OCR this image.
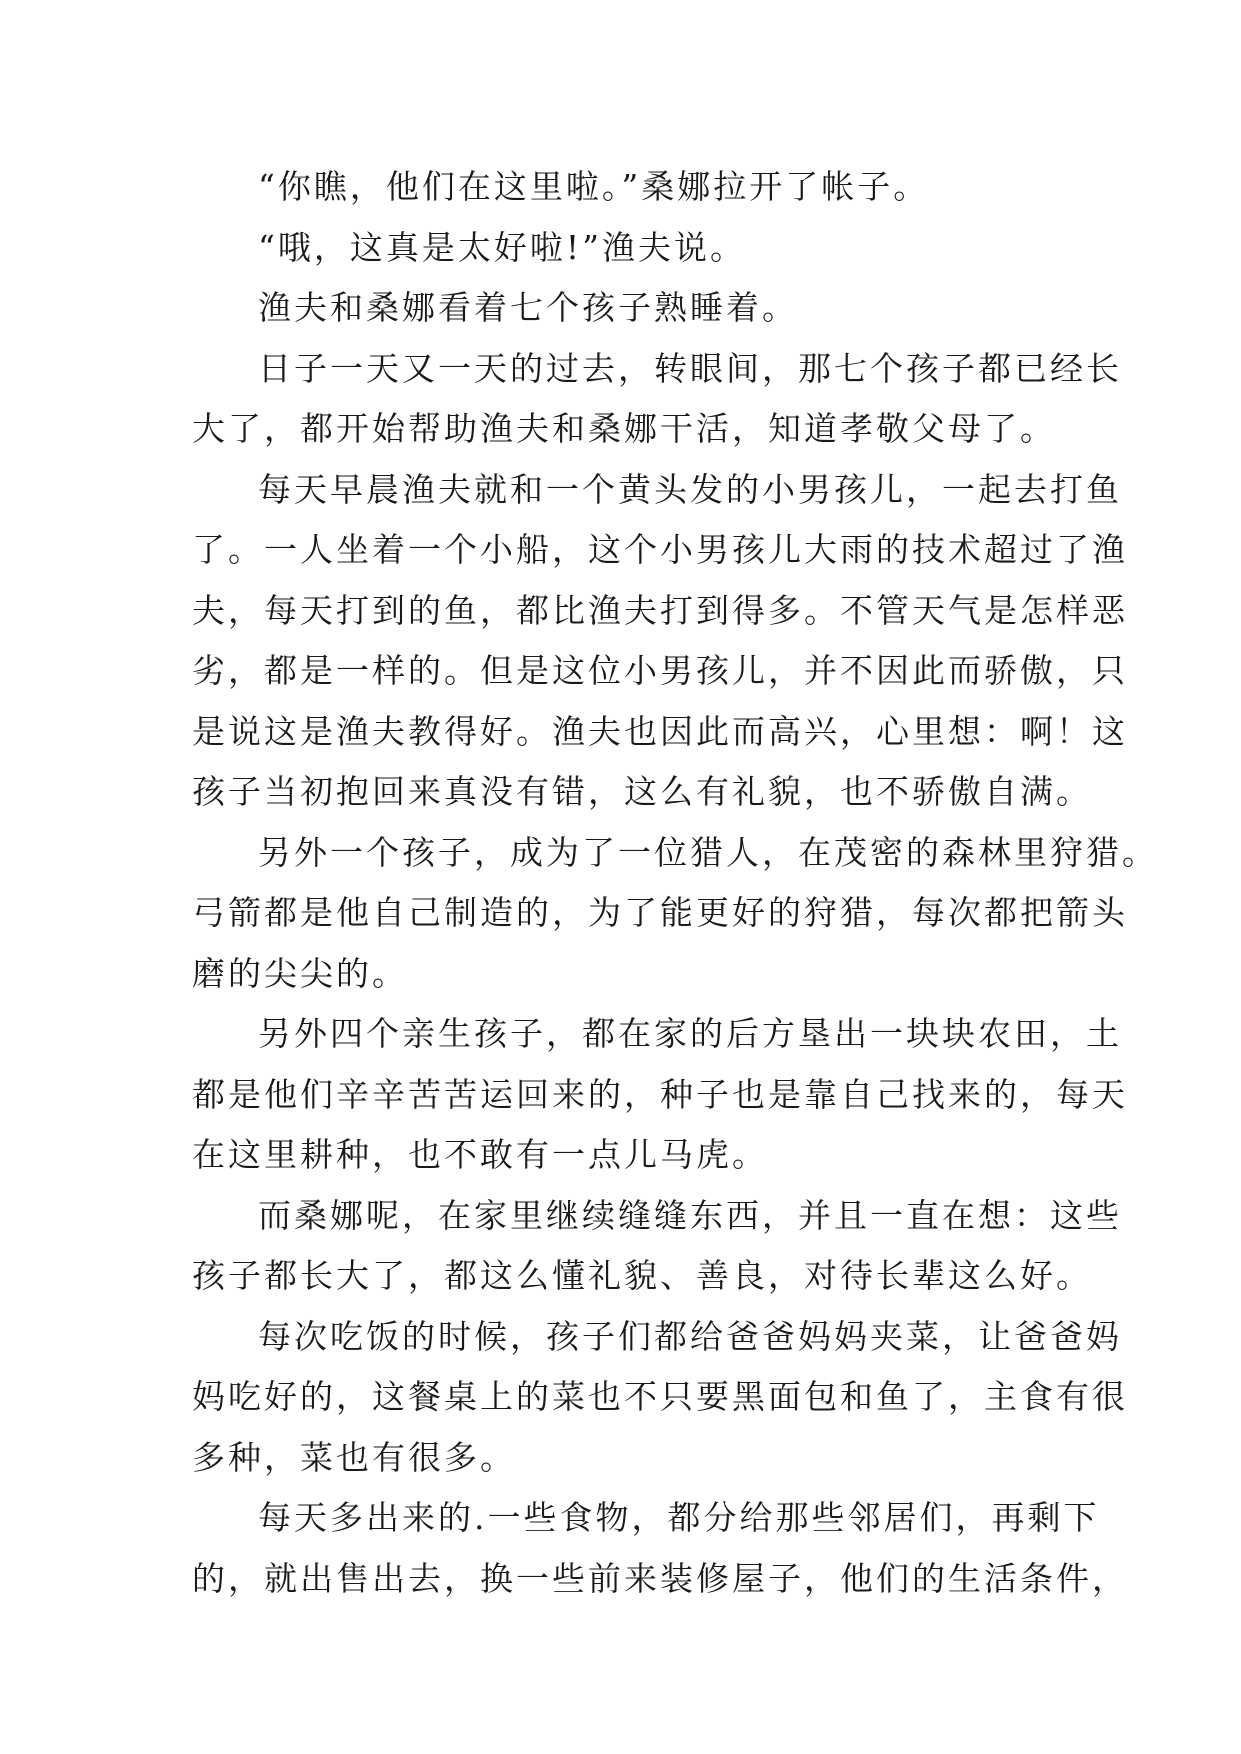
“你瞧，他们在这里啦。”桑娜拉开了帐子。

“哦，这真是太好啦!”渔夫说。

渔夫和桑娜看着七个孩子熟睡着。

日子一天又一天的过去，转眼间，那七个孩子都已经长
大了，都开始帮助渔夫和桑娜干活，知道孝敬父母了。

每天早晨渔夫就和一个黄头发的小男孩儿，一起去打鱼
了。一人坐着一个小船，这个小男孩儿大雨的技术超过了渔
夫，每天打到的鱼，都比渔夫打到得多。不管天气是怎样恶
劣，都是一样的。但是这位小男孩儿，并不因此而骄傲，只
是说这是渔夫教得好。渔夫也因此而高兴，心里想：啊！这
孩子当初抱回来真没有错，这么有礼貌，也不骄傲自满。

另外一个孩子，成为了一位猎人，在茂密的森林里狩猎。
弓箭都是他自己制造的，为了能更好的狩猎，每次都把箭头
磨的尖尖的。

另外四个亲生孩子，都在家的后方垦出一块块农田，土
都是他们辛辛苦苦运回来的，种子也是靠自己找来的，每天
在这里耕种，也不敢有一点儿马虎。

而桑娜呢，在家里继续缝缝东西，并且一直在想：这些
孩子都长大了，都这么懂礼貌、善良，对待长辈这么好。

每次吃饭的时候，孩子们都给爸爸妈妈夹菜，让爸爸妈
妈吃好的，这餐桌上的菜也不只要黑面包和鱼了，主食有很
多种，菜也有很多。

每天多出来的.一些食物，都分给那些邻居们，再剩下
的，就出售出去，换一些前来装修屋子，他们的生活条件，
